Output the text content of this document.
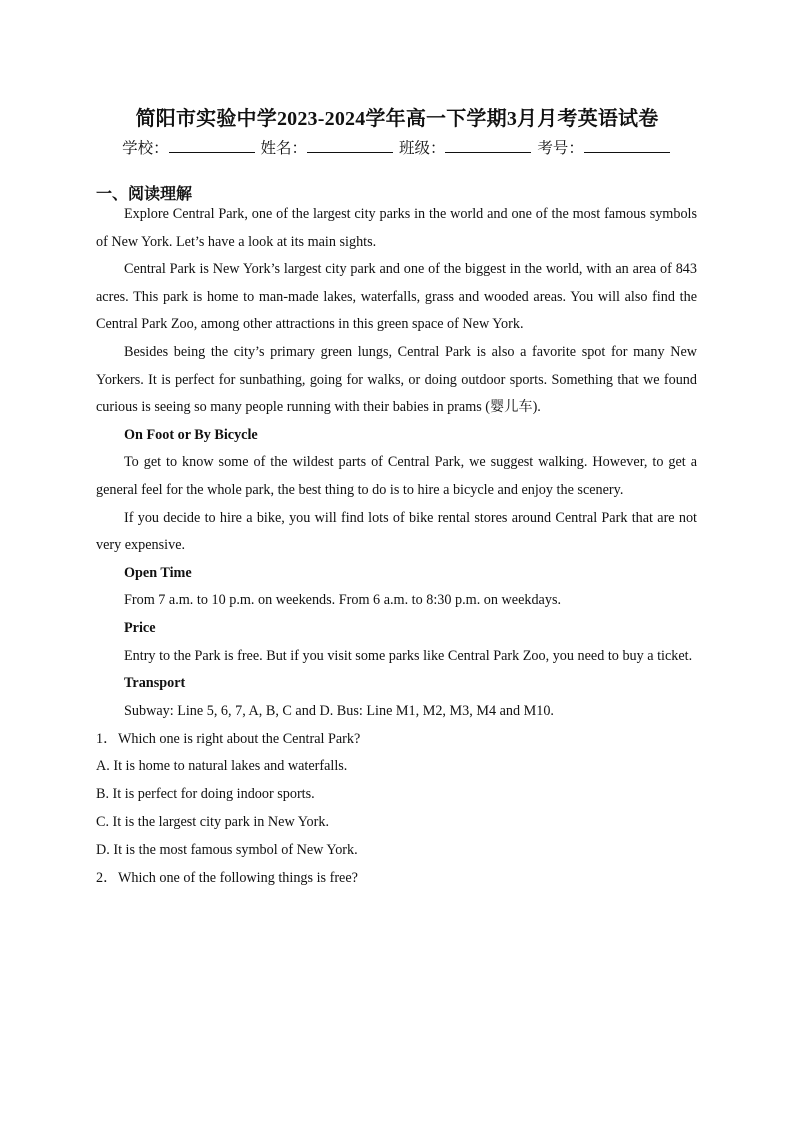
简阳市实验中学2023-2024学年高一下学期3月月考英语试卷
学校：	姓名：	班级：	考号：
一、阅读理解

Explore Central Park, one of the largest city parks in the world and one of the most famous symbols of New York. Let’s have a look at its main sights.

Central Park is New York’s largest city park and one of the biggest in the world, with an area of 843 acres. This park is home to man-made lakes, waterfalls, grass and wooded areas. You will also find the Central Park Zoo, among other attractions in this green space of New York.

Besides being the city’s primary green lungs, Central Park is also a favorite spot for many New Yorkers. It is perfect for sunbathing, going for walks, or doing outdoor sports. Something that we found curious is seeing so many people running with their babies in prams (婴儿车).

On Foot or By Bicycle

To get to know some of the wildest parts of Central Park, we suggest walking. However, to get a general feel for the whole park, the best thing to do is to hire a bicycle and enjoy the scenery.

If you decide to hire a bike, you will find lots of bike rental stores around Central Park that are not very expensive.

Open Time

From 7 a.m. to 10 p.m. on weekends. From 6 a.m. to 8:30 p.m. on weekdays.

Price

Entry to the Park is free. But if you visit some parks like Central Park Zoo, you need to buy a ticket.

Transport

Subway: Line 5, 6, 7, A, B, C and D. Bus: Line M1, M2, M3, M4 and M10.

1．Which one is right about the Central Park?

A. It is home to natural lakes and waterfalls.

B. It is perfect for doing indoor sports.

C. It is the largest city park in New York.

D. It is the most famous symbol of New York.

2．Which one of the following things is free?
